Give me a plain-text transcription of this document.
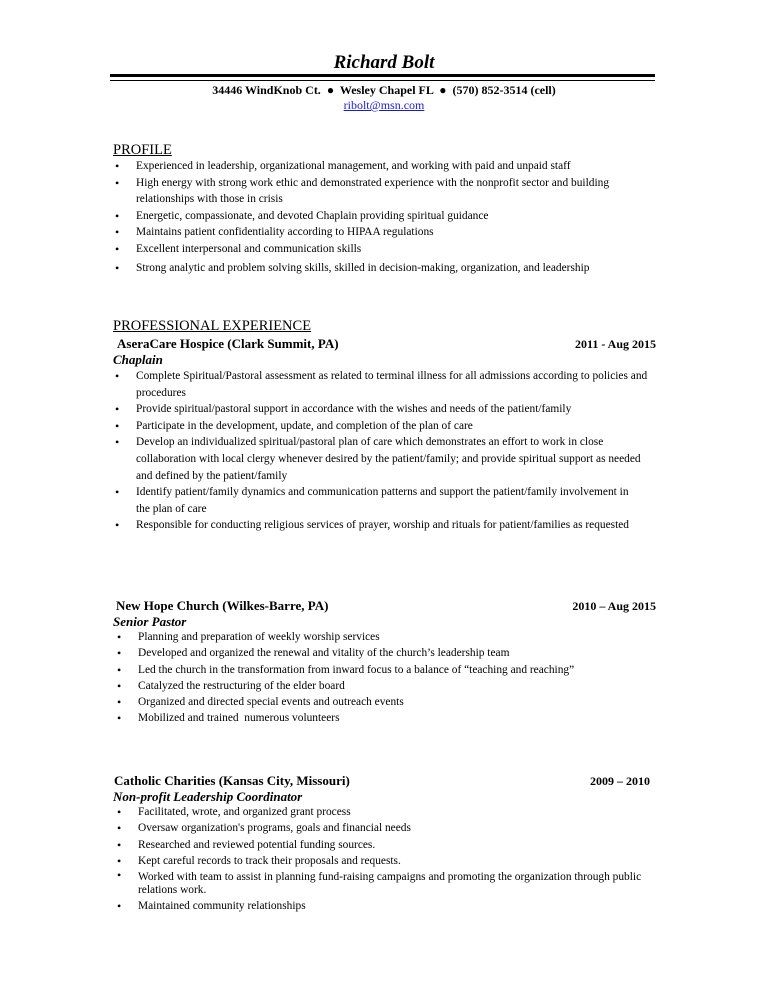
Richard Bolt
34446 WindKnob Ct. ● Wesley Chapel FL ● (570) 852-3514 (cell)
ribolt@msn.com
PROFILE
• Experienced in leadership, organizational management, and working with paid and unpaid staff
• High energy with strong work ethic and demonstrated experience with the nonprofit sector and building relationships with those in crisis
• Energetic, compassionate, and devoted Chaplain providing spiritual guidance
• Maintains patient confidentiality according to HIPAA regulations
• Excellent interpersonal and communication skills
• Strong analytic and problem solving skills, skilled in decision-making, organization, and leadership
PROFESSIONAL EXPERIENCE
AseraCare Hospice (Clark Summit, PA)	2011 - Aug 2015
Chaplain
• Complete Spiritual/Pastoral assessment as related to terminal illness for all admissions according to policies and procedures
• Provide spiritual/pastoral support in accordance with the wishes and needs of the patient/family
• Participate in the development, update, and completion of the plan of care
• Develop an individualized spiritual/pastoral plan of care which demonstrates an effort to work in close collaboration with local clergy whenever desired by the patient/family; and provide spiritual support as needed and defined by the patient/family
• Identify patient/family dynamics and communication patterns and support the patient/family involvement in the plan of care
• Responsible for conducting religious services of prayer, worship and rituals for patient/families as requested
New Hope Church (Wilkes-Barre, PA)	2010 – Aug 2015
Senior Pastor
• Planning and preparation of weekly worship services
• Developed and organized the renewal and vitality of the church’s leadership team
• Led the church in the transformation from inward focus to a balance of “teaching and reaching”
• Catalyzed the restructuring of the elder board
• Organized and directed special events and outreach events
• Mobilized and trained  numerous volunteers
Catholic Charities (Kansas City, Missouri)	2009 – 2010
Non-profit Leadership Coordinator
• Facilitated, wrote, and organized grant process
• Oversaw organization's programs, goals and financial needs
• Researched and reviewed potential funding sources.
• Kept careful records to track their proposals and requests.
• Worked with team to assist in planning fund-raising campaigns and promoting the organization through public relations work.
• Maintained community relationships
